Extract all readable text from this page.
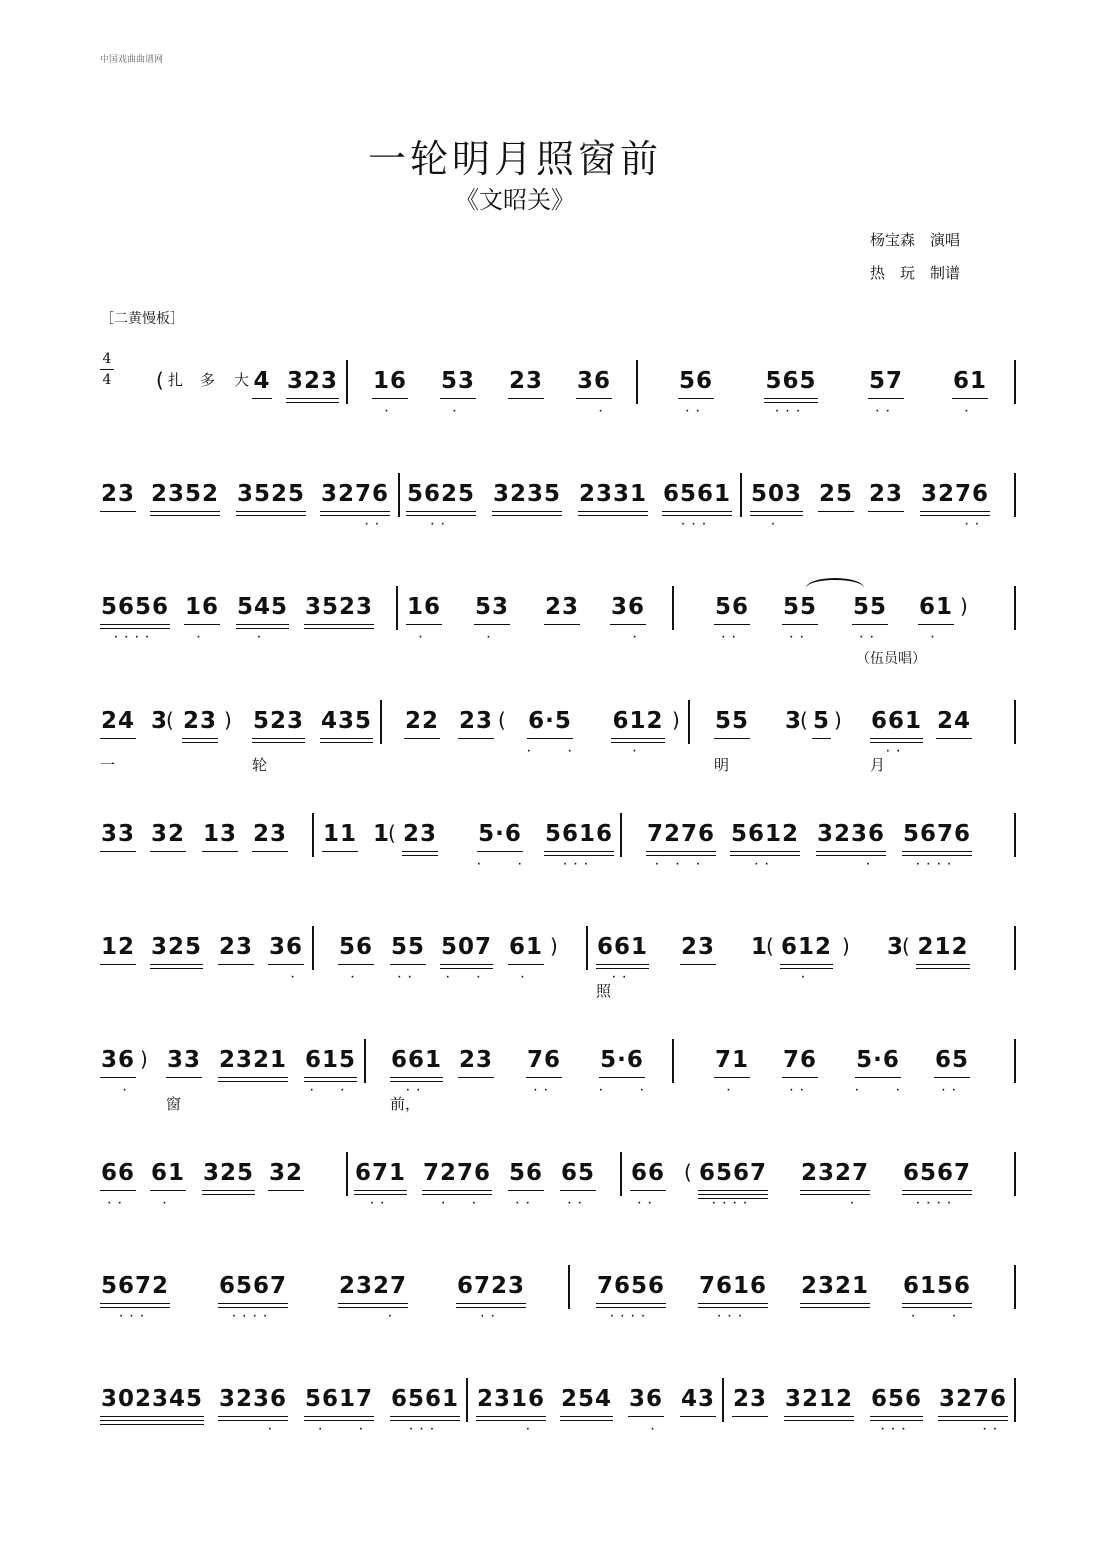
中国戏曲曲谱网
一轮明月照窗前
《文昭关》
杨宝森　演唱
热　玩　制谱
［二黄慢板］
4
4 ( 扎 多 大 4 323 16
·
53
·
23 36
·
56
··
565
···
57
··
61
·
23 2352 3525 3276
··
5625
··
3235 2331 6561
···
503
·
25 23 3276
··
5656
····
16
·
545
·
3523 16
·
53
·
23 36
·
56
··
55
··
55
··
61
·
)
（伍员唱）
24 3
( 23 ) 523 435 22 23 ( 6·5
·   ·
612
·
) 55 3
( 5 ) 661
··
24
一	轮	明	月
33 32 13 23 11 1
( 23 5·6
·   ·
5616
···
7276
· · ·
5612
··
3236
·
5676
····
12 325 23 36
·
56
·
55
··
507
·  ·
61
·
) 661
··
23 1
( 612
·
) 3
( 212
照
36
·
) 33 2321 615
·  ·
661
··
23 76
··
5·6
·   ·
71
·
76
··
5·6
·   ·
65
··
窗	前，
66
··
61
·
325 32 671
··
7276
·  ·
56
··
65
··
66
··
( 6567
····
2327
·
6567
····
5672
···
6567
····
2327
·
6723
··
7656
····
7616
···
2321 6156
·   ·
302345 3236
·
5617
·   ·
6561
···
2316
·
254 36
·
43 23 3212 656
···
3276
··
